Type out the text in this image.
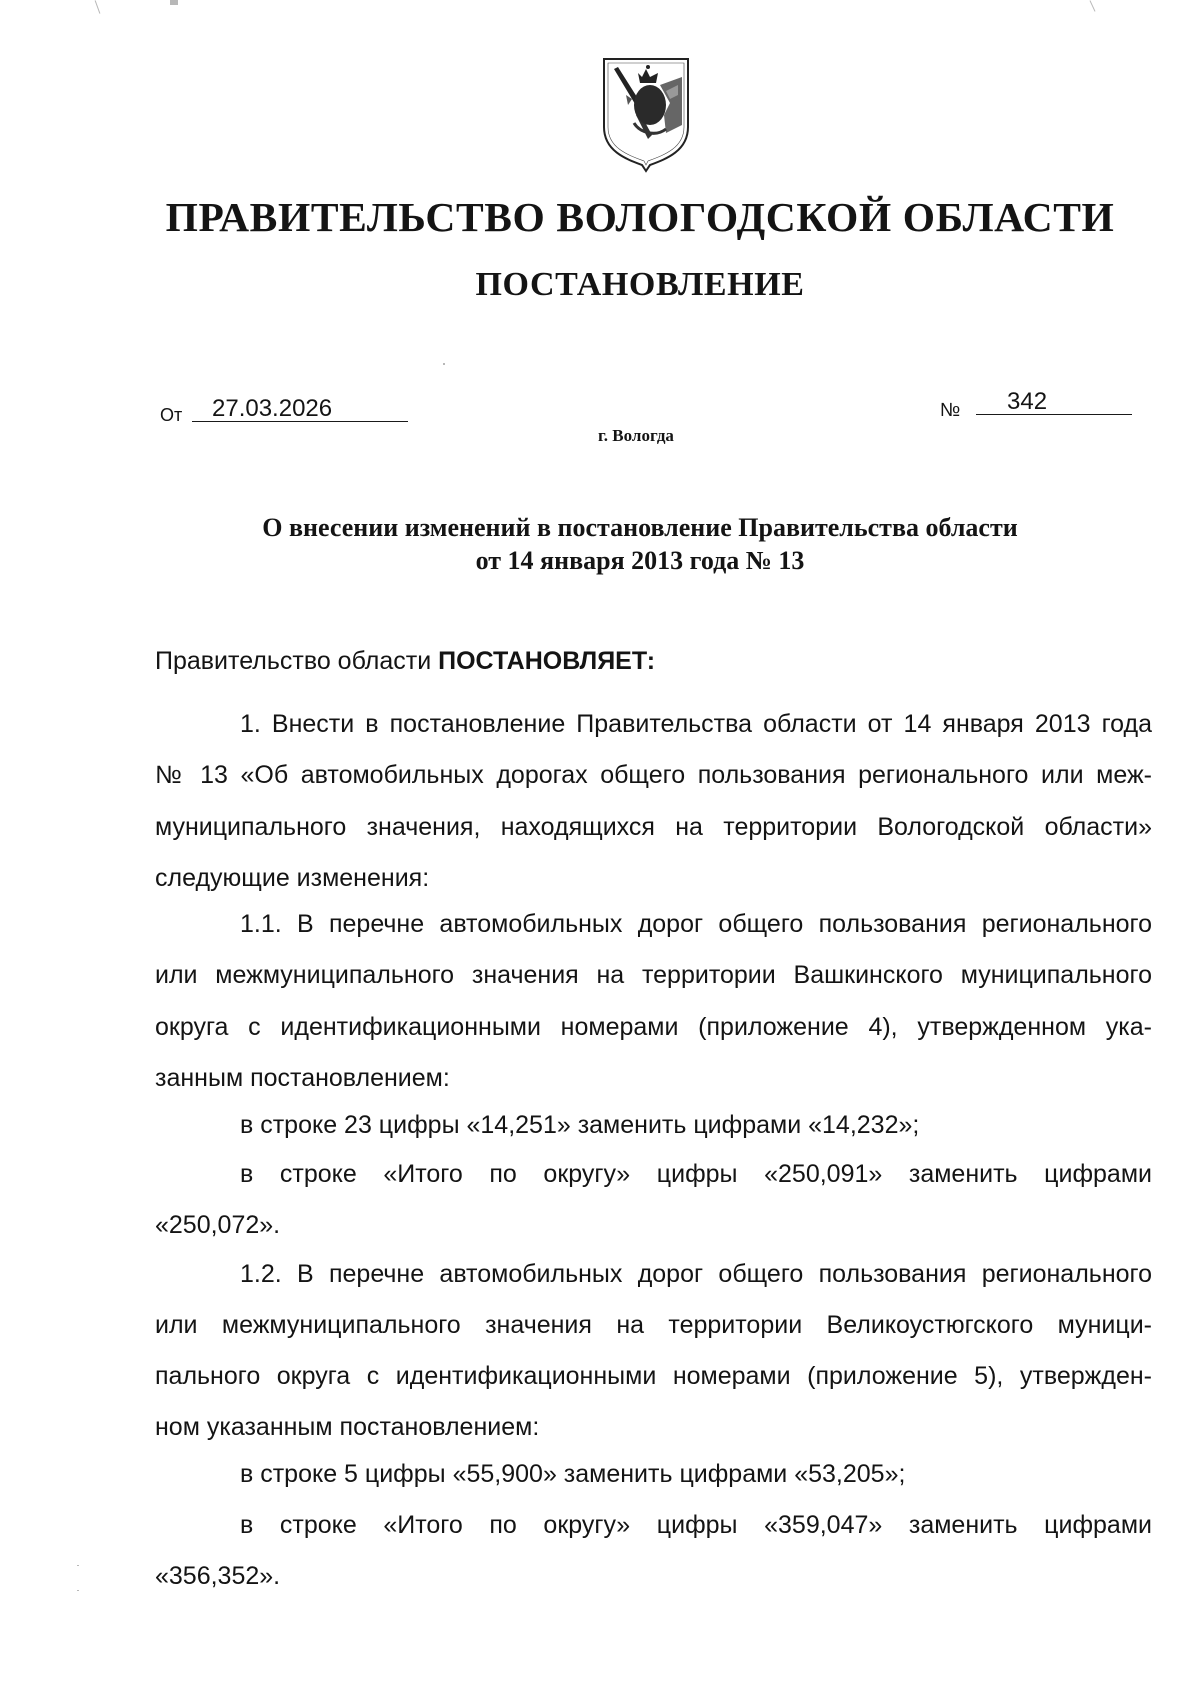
ПРАВИТЕЛЬСТВО ВОЛОГОДСКОЙ ОБЛАСТИ
ПОСТАНОВЛЕНИЕ
От 27.03.2026	№ 342
г. Вологда
О внесении изменений в постановление Правительства области
от 14 января 2013 года № 13
Правительство области ПОСТАНОВЛЯЕТ:
1. Внести в постановление Правительства области от 14 января 2013 года
№ 13 «Об автомобильных дорогах общего пользования регионального или меж-
муниципального значения, находящихся на территории Вологодской области»
следующие изменения:
1.1. В перечне автомобильных дорог общего пользования регионального
или межмуниципального значения на территории Вашкинского муниципального
округа с идентификационными номерами (приложение 4), утвержденном ука-
занным постановлением:
в строке 23 цифры «14,251» заменить цифрами «14,232»;
в строке «Итого по округу» цифры «250,091» заменить цифрами
«250,072».
1.2. В перечне автомобильных дорог общего пользования регионального
или межмуниципального значения на территории Великоустюгского муници-
пального округа с идентификационными номерами (приложение 5), утвержден-
ном указанным постановлением:
в строке 5 цифры «55,900» заменить цифрами «53,205»;
в строке «Итого по округу» цифры «359,047» заменить цифрами
«356,352».
